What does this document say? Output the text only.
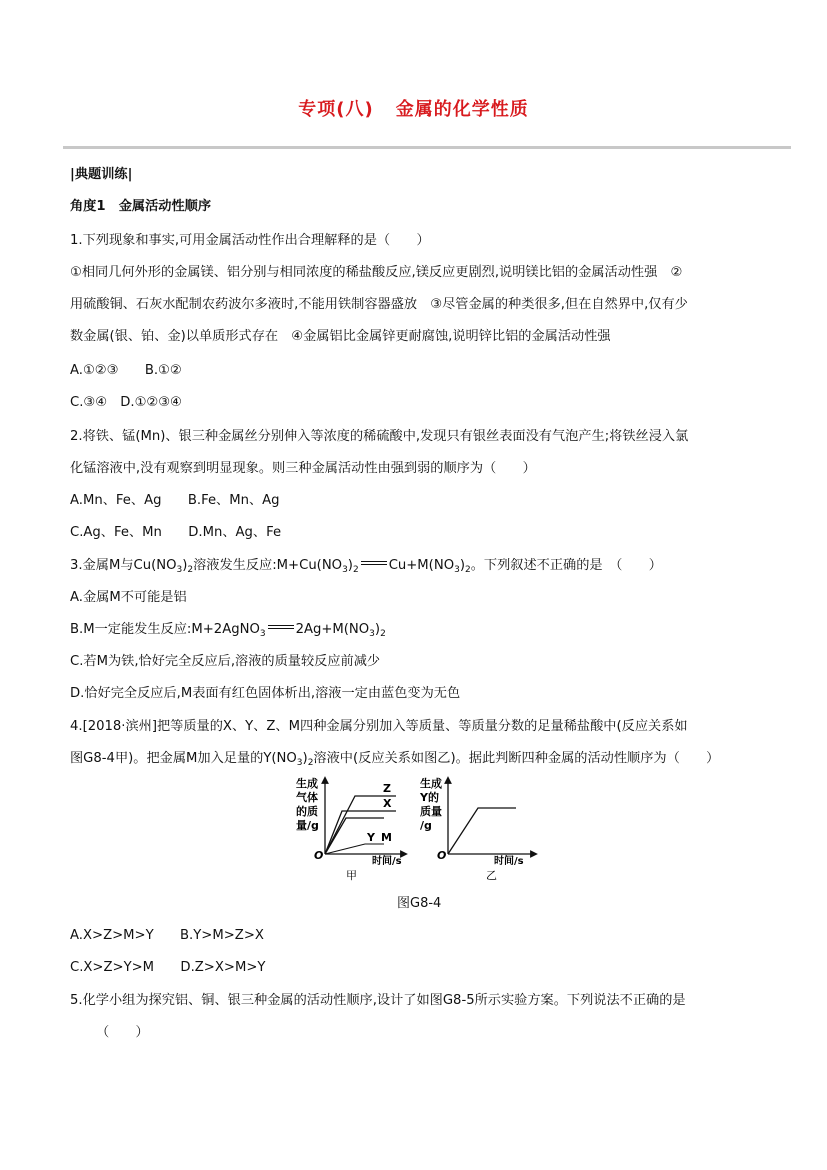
专项(八) 金属的化学性质
|典题训练|
角度1　金属活动性顺序
1.下列现象和事实,可用金属活动性作出合理解释的是（　　）
①相同几何外形的金属镁、铝分别与相同浓度的稀盐酸反应,镁反应更剧烈,说明镁比铝的金属活动性强　②
用硫酸铜、石灰水配制农药波尔多液时,不能用铁制容器盛放　③尽管金属的种类很多,但在自然界中,仅有少
数金属(银、铂、金)以单质形式存在　④金属铝比金属锌更耐腐蚀,说明锌比铝的金属活动性强
A.①②③　　B.①②
C.③④　D.①②③④
2.将铁、锰(Mn)、银三种金属丝分别伸入等浓度的稀硫酸中,发现只有银丝表面没有气泡产生;将铁丝浸入氯
化锰溶液中,没有观察到明显现象。则三种金属活动性由强到弱的顺序为（　　）
A.Mn、Fe、Ag　　B.Fe、Mn、Ag
C.Ag、Fe、Mn　　D.Mn、Ag、Fe
3.金属M与$Cu(NO_3)_2$溶液发生反应$:M+Cu(NO_3)_2$ $Cu+M(NO_3)_2$。下列叙述不正确的是　（　　）
A.金属M不可能是铝
B.M一定能发生反应:M+2AgNO$_3$ $2Ag+M(NO_3)_2$
C.若M为铁,恰好完全反应后,溶液的质量较反应前减少
D.恰好完全反应后,M表面有红色固体析出,溶液一定由蓝色变为无色
4.[2018·滨州]把等质量的X、Y、Z、M四种金属分别加入等质量、等质量分数的足量稀盐酸中(反应关系如
图G8-4甲)。把金属M加入足量的$Y(NO_3)_2$溶液中(反应关系如图乙)。据此判断四种金属的活动性顺序为（　　）
生成
气体
的质
量/g
Z
X
Y M
O	时间/s
甲
生成
Y的
质量
/g
O	时间/s
乙
图G8-4
A.X>Z>M>Y　　B.Y>M>Z>X
C.X>Z>Y>M　　D.Z>X>M>Y
5.化学小组为探究铝、铜、银三种金属的活动性顺序,设计了如图G8-5所示实验方案。下列说法不正确的是
（　　）
